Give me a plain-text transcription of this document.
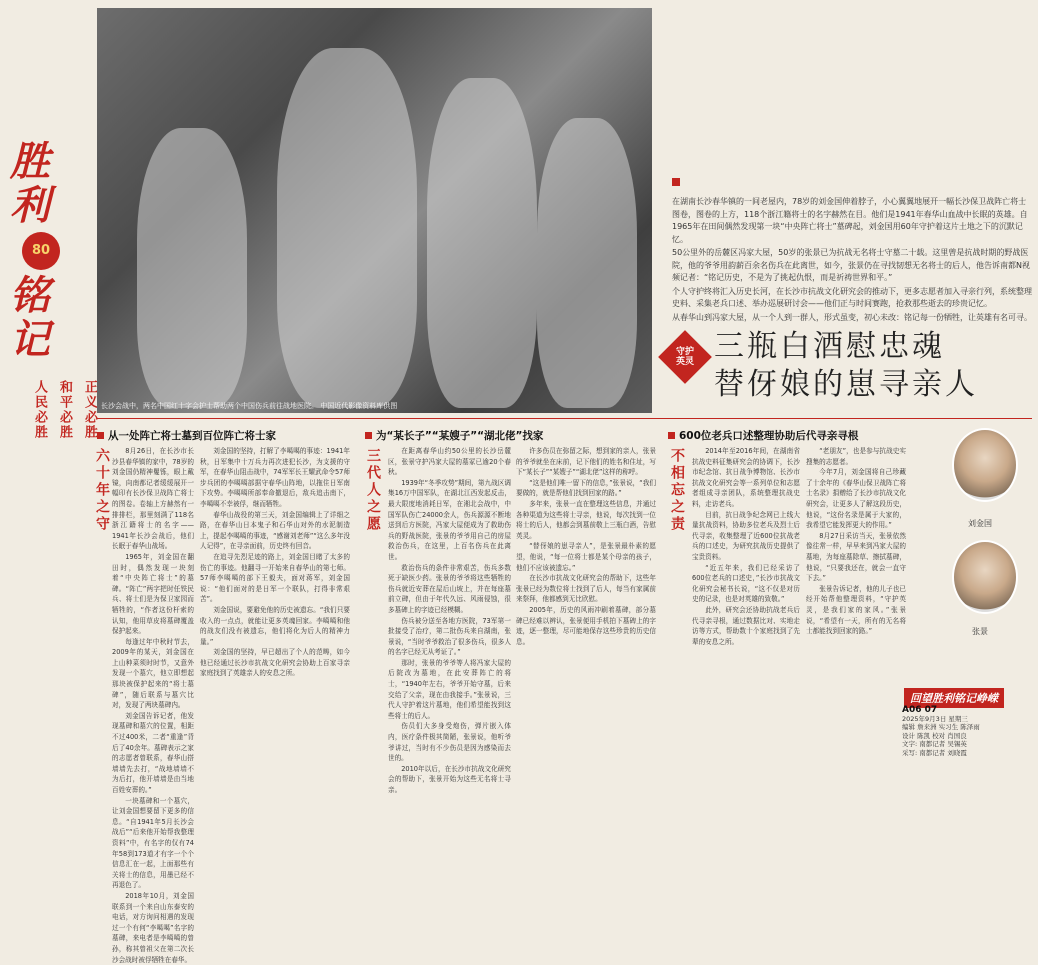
胜
利
80
铭
记
正义必胜
和平必胜
人民必胜	长沙会战中，两名中国红十字会护士帮助两个中国伤兵前往战地医院。 中国近代影像资料库供图

在湖南长沙春华镇的一间老屋内，78岁的刘金国伸着脖子，小心翼翼地展开一幅长沙保卫战阵亡将士图卷，图卷的上方，118个浙江籍将士的名字赫然在目。他们是1941年春华山血战中长眠的英雄。自1965年在田间偶然发现第一块“中央阵亡将士”墓碑起，刘金国用60年守护着这片土地之下的沉默记忆。

50公里外的岳麓区冯家大屋，50岁的张景已为抗战无名将士守墓二十载。这里曾是抗战时期的野战医院，他的爷爷用韵薪百余名伤兵在此离世，如今，张景仍在寻找韧想无名将士的后人，他告诉南都N视频记者：“铭记历史，不是为了挑起仇恨，而是祈祷世界和平。”

个人守护终将汇入历史长河，在长沙市抗战文化研究会的推动下，更多志愿者加入寻亲行列，系统整理史料、采集老兵口述、举办巡展研讨会——他们正与时间赛跑，抢救那些逝去的珍贵记忆。

从春华山到冯家大屋，从一个人到一群人，形式虽变，初心未改：铭记每一份牺牲，让英雄有名可寻。

守护英灵 三瓶白酒慰忠魂
替伢娘的崽寻亲人
从一处阵亡将士墓到百位阵亡将士家
六十年之守	8月26日，在长沙市长沙县春华镇的家中，78岁的刘金国仍精神矍铄，眼上戴镜，向南都记者缓缓展开一幅印有长沙保卫战阵亡将士的图卷。卷轴上方赫然有一排排栏，那里刻满了118名浙江籍将士的名字——1941年长沙会战后，他们长眠于春华山战场。

1965年，刘金国在翻田时，偶然发现一块刻着“中央阵亡将士”的墓碑。“阵亡”两字把时任铁民兵、将士们是为保卫家园而牺牲的，“作者这份杆索的认知，他用草皮将墓碑覆盖保护起来。

每逢过年中秋时节去，2009年的某天，刘金国在上山种菜须时时节，又意外发现一个墓穴，他立即想起那块被保护起来的“将士墓碑”，随后联系与墓穴比对，发现了两块墓碑内。

刘金国告诉记者，他发现墓碑和墓穴的位置，相距不过400米，二者“重逢”背后了40余年。墓碑表示之家的志愿者曾联系，春华山搭墙墙先去打，“战地墙墙不为后打，他开墙墙是由当地百姓安葬的。”

一块墓碑和一个墓穴，让刘金国想要留下更多的信息。“自1941年5月长沙会战后”“后来他开始帮我整理资料”中，有名字的仅有74年58到173道才有字一个个信息汇在一起，上面那些有关将士的信息，用墨已经不再退色了。

2018年10月，刘金国联系到一个来自山东泰安的电话，对方询问相遇的发现过一个有何“李噶噶”名字的墓碑，来电者是李噶噶的曾孙，称其曾祖父在第二次长沙会战时被俘牺牲在春华。

刘金国的坚持，打解了李噶噶的事迹：1941年秋，日军集中十万兵力再次进犯长沙，为支援的守军，在春华山阻击战中，74军军长王耀武命令57师步兵团的李噶噶部据守春华山阵地，以拖住日军南下攻势。李噶噶所部奉命撤退后，敌兵追击南下，李噶噶不幸被俘，继而牺牲。

春华山战役的第三天，刘金国编辑上了详细之路，在春华山日本鬼子和石华山对外的水泥制造上，提起李噶噶的事迹，“感谢刘老师”“这么多年没人记得”，在寻亲面前，历史终有回音。

在追寻先烈足迹的路上，刘金国目睹了太多的伤亡的事迹。他翻寻一开始来自春华山的第七师。57师李噶噶的部下王毅夫，面对蒋军，刘金国说：“他们面对的是日军一个联队，打得非常艰苦”。

刘金国说，要避免他的历史被遗忘。“我们只要收入的一点点，就能让更多英魂回家。李噶噶和他的战友们没有被遗忘，他们将化为后人的精神力量。”

刘金国的坚持，早已超出了个人的范畴，如今他已经通过长沙市抗战文化研究会协助上百家寻亲家庭找到了英雄亲人的安息之所。

为“某长子”“某嫂子”“湖北佬”找家
三代人之愿	在距离春华山约50公里的长沙岳麓区，张景守护冯家大屋的墓冢已逾20个春秋。

1939年“冬季攻势”期间，第九战区调集16万中国军队，在湖北江西发起反击，最大限度地消耗日军，在湘北会战中，中国军队伤亡24000余人，伤兵源源不断地送到后方医院，冯家大屋便成为了救助伤兵的野战医院，张景的爷爷用自己的房屋救治伤兵，在这里，上百名伤兵在此离世。

救治伤兵的条件非常艰苦，伤兵多数死于缺医少药。张景的爷爷将这些牺牲的伤兵就近安葬在屋后山坡上，并在每座墓前立碑，但由于年代久远、风雨侵蚀，很多墓碑上的字迹已经模糊。

伤兵被分送至各地方医院，73军第一批接受了治疗，第二批伤兵来自湖南，张景说，“当时爷爷救治了很多伤兵，很多人的名字已经无从考证了。”

那时，张景的爷爷等人将冯家大屋的后院改为墓地，在此安葬阵亡的将士，“1940年左右，爷爷开始守墓，后来交给了父亲，现在由我接手。”张景说，三代人守护着这片墓地，他们希望能找到这些将士的后人。

伤员们大多身受炮伤，弹片嵌入体内，医疗条件极其简陋，张景说，他听爷爷讲过，当时有不少伤员是因为感染而去世的。

2010年以后，在长沙市抗战文化研究会的帮助下，张景开始为这些无名将士寻亲。

许多伤员在弥留之际，想到家的亲人，张景的爷爷就坐在床前，记下他们的姓名和住址，写下“某长子”“某嫂子”“湖北佬”这样的称呼。

“这是他们唯一留下的信息，”张景说，“我们要做的，就是帮他们找到回家的路。”

多年来，张景一直在整理这些信息，并通过各种渠道为这些将士寻亲，他说，每次找到一位将士的后人，他都会到墓前敬上三瓶白酒，告慰英灵。

“替伢娘的崽寻亲人”，是张景最朴素的愿望，他说，“每一位将士都是某个母亲的孩子，他们不应该被遗忘。”

在长沙市抗战文化研究会的帮助下，这些年张景已经为数位将士找到了后人，每当有家属前来祭拜，他都感到无比欣慰。

2005年，历史的风雨冲刷着墓碑，部分墓碑已经难以辨认，张景便用手机拍下墓碑上的字迹，逐一整理，尽可能地保存这些珍贵的历史信息。

600位老兵口述整理协助后代寻亲寻根
不相忘之责	2014年至2016年间，在湖南省抗战史料征集研究会的协调下，长沙市纪念馆、抗日战争博物馆、长沙市抗战文化研究会等一系列单位和志愿者组成寻亲团队，系统整理抗战史料，走访老兵。

目前，抗日战争纪念网已上线大量抗战资料，协助多位老兵及烈士后代寻亲，收集整理了近600位抗战老兵的口述史，为研究抗战历史提供了宝贵资料。

“近五年来，我们已经采访了600位老兵的口述史，”长沙市抗战文化研究会秘书长说，“这不仅是对历史的记录，也是对英雄的致敬。”

此外，研究会还协助抗战老兵后代寻亲寻根，通过数据比对、实地走访等方式，帮助数十个家庭找到了先辈的安息之所。

“老朋友”，也是参与抗战史实搜集的志愿者。

今年7月，刘金国将自己珍藏了十余年的《春华山保卫战阵亡将士名录》捐赠给了长沙市抗战文化研究会，让更多人了解这段历史，他说，“这份名录是属于大家的，我希望它能发挥更大的作用。”

8月27日采访当天，张景依然像往常一样，早早来到冯家大屋的墓地，为每座墓除草、擦拭墓碑，他说，“只要我还在，就会一直守下去。”

张景告诉记者，他的儿子也已经开始帮他整理资料，“守护英灵，是我们家的家风。”张景说，“希望有一天，所有的无名将士都能找到回家的路。”

刘金国
张景
回望胜利铭记峥嵘
A06 07
2025年9月3日 星期三
编辑 詹来洲 实习生 陈泽雨
设计 陈凯 校对 肖国良
文字: 南都记者 吴锡英
采写: 南都记者 刘晓霞
